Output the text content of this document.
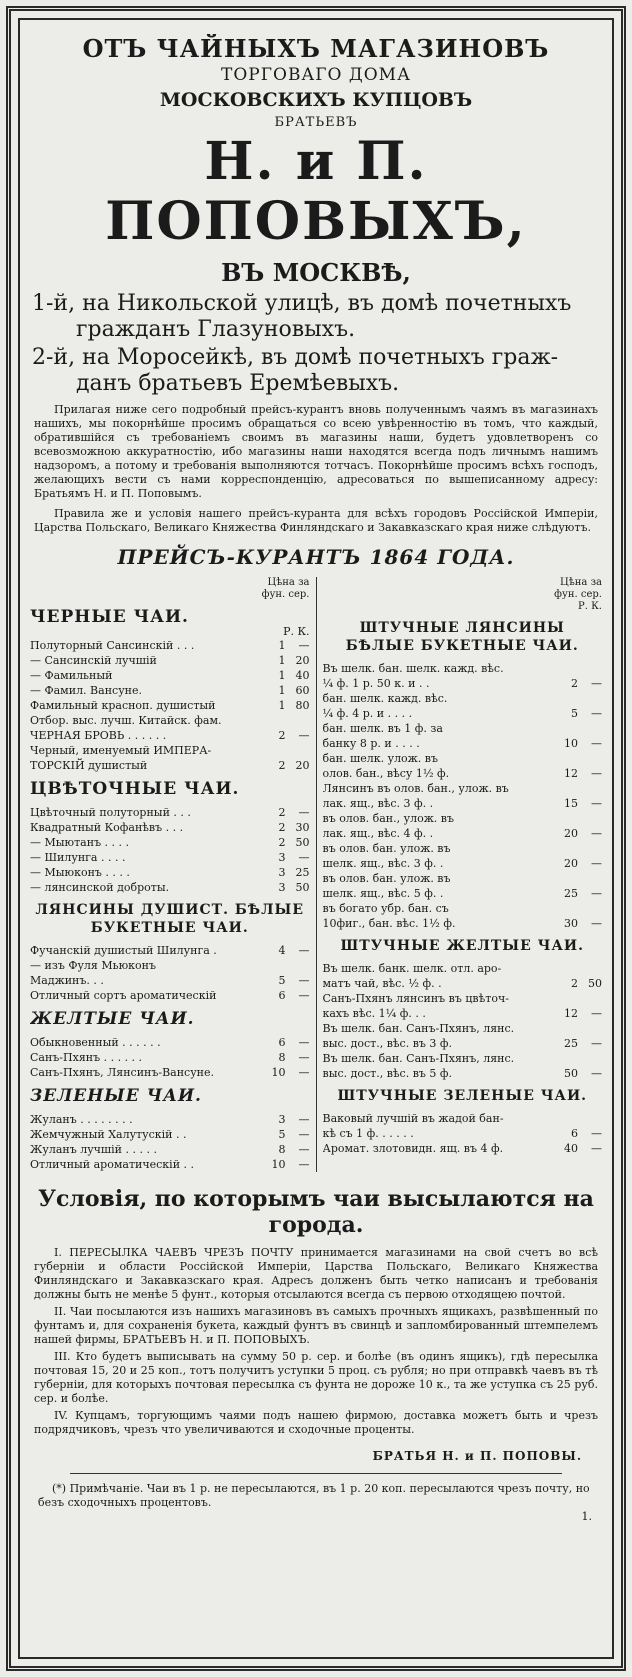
ОТЪ ЧАЙНЫХЪ МАГАЗИНОВЪ
ТОРГОВАГО ДОМА
МОСКОВСКИХЪ КУПЦОВЪ
БРАТЬЕВЪ
Н. и П. ПОПОВЫХЪ,
ВЪ МОСКВѢ,
1-й, на Никольской улицѣ, въ домѣ почетныхъ
гражданъ Глазуновыхъ.
2-й, на Моросейкѣ, въ домѣ почетныхъ граж-
данъ братьевъ Еремѣевыхъ.
Прилагая ниже сего подробный прейсъ-курантъ вновь полученнымъ чаямъ въ магазинахъ нашихъ, мы покорнѣйше просимъ обращаться со всею увѣренностію въ томъ, что каждый, обратившійся съ требованіемъ своимъ въ магазины наши, будетъ удовлетворенъ со всевозможною аккуратностію, ибо магазины наши находятся всегда подъ личнымъ нашимъ надзоромъ, а потому и требованія выполняются тотчасъ. Покорнѣйше просимъ всѣхъ господъ, желающихъ вести съ нами корреспонденцію, адресоваться по вышеписанному адресу: Братьямъ Н. и П. Поповымъ.
Правила же и условія нашего прейсъ-куранта для всѣхъ городовъ Россійской Имперіи, Царства Польскаго, Великаго Княжества Финляндскаго и Закавказскаго края ниже слѣдуютъ.
ПРЕЙСЪ-КУРАНТЪ 1864 ГОДА.
Цѣна за
фун. сер.
ЧЕРНЫЕ ЧАИ.
Р. К.
Полуторный Сансинскій . . .	1	—
— Сансинскій лучшій	1 20
— Фамильный	1 40
— Фамил. Вансуне.	1 60
Фамильный красноп. душистый	1 80
Отбор. выс. лучш. Китайск. фам.
ЧЕРНАЯ БРОВЬ . . . . . .	2	—
Черный, именуемый ИМПЕРА-
ТОРСКІЙ душистый	2 20
ЦВѢТОЧНЫЕ ЧАИ.
Цвѣточный полуторный . . .	2	—
Квадратный Кофанѣвъ . . .	2 30
— Мыютанъ . . . .	2 50
— Шилунга . . . .	3	—
— Мыюконъ . . . .	3 25
— лянсинской доброты.	3 50
ЛЯНСИНЫ ДУШИСТ. БѢЛЫЕ БУКЕТНЫЕ ЧАИ.
Фучанскій душистый Шилунга .	4	—
— изъ Фуля Мьюконъ
Маджинъ. . .	5	—
Отличный сортъ ароматическій	6	—
ЖЕЛТЫЕ ЧАИ.
Обыкновенный . . . . . .	6	—
Санъ-Пхянъ . . . . . .	8	—
Санъ-Пхянъ, Лянсинъ-Вансуне.	10	—
ЗЕЛЕНЫЕ ЧАИ.
Жуланъ . . . . . . . .	3	—
Жемчужный Халутускій . .	5	—
Жуланъ лучшій . . . . .	8	—
Отличный ароматическій . .	10	—
Цѣна за
фун. сер.
Р. К.
ШТУЧНЫЕ ЛЯНСИНЫ БѢЛЫЕ БУКЕТНЫЕ ЧАИ.
Въ шелк. бан. шелк. кажд. вѣс.
¼ ф. 1 р. 50 к. и . .	2	—
бан. шелк. кажд. вѣс.
¼ ф. 4 р. и . . . .	5	—
бан. шелк. въ 1 ф. за
банку 8 р. и . . . .	10	—
бан. шелк. улож. въ
олов. бан., вѣсу 1½ ф.	12	—
Лянсинъ въ олов. бан., улож. въ
лак. ящ., вѣс. 3 ф. .	15	—
въ олов. бан., улож. въ
лак. ящ., вѣс. 4 ф. .	20	—
въ олов. бан. улож. въ
шелк. ящ., вѣс. 3 ф. .	20	—
въ олов. бан. улож. въ
шелк. ящ., вѣс. 5 ф. .	25	—
въ богато убр. бан. съ
10фиг., бан. вѣс. 1½ ф.	30	—
ШТУЧНЫЕ ЖЕЛТЫЕ ЧАИ.
Въ шелк. банк. шелк. отл. аро-
матъ чай, вѣс. ½ ф. .	2 50
Санъ-Пхянъ лянсинъ въ цвѣточ-
кахъ вѣс. 1¼ ф. . .	12	—
Въ шелк. бан. Санъ-Пхянъ, лянс.
выс. дост., вѣс. въ 3 ф.	25	—
Въ шелк. бан. Санъ-Пхянъ, лянс.
выс. дост., вѣс. въ 5 ф.	50	—
ШТУЧНЫЕ ЗЕЛЕНЫЕ ЧАИ.
Ваковый лучшій въ жадой бан-
кѣ съ 1 ф. . . . . .	6	—
Аромат. злотовидн. ящ. въ 4 ф.	40	—
Условія, по которымъ чаи высылаются на города.
I. ПЕРЕСЫЛКА ЧАЕВЪ ЧРЕЗЪ ПОЧТУ принимается магазинами на свой счетъ во всѣ губерніи и области Россійской Имперіи, Царства Польскаго, Великаго Княжества Финляндскаго и Закавказскаго края. Адресъ долженъ быть четко написанъ и требованія должны быть не менѣе 5 фунт., которыя отсылаются всегда съ первою отходящею почтой.
II. Чаи посылаются изъ нашихъ магазиновъ въ самыхъ прочныхъ ящикахъ, развѣшенный по фунтамъ и, для сохраненія букета, каждый фунтъ въ свинцѣ и запломбированный штемпелемъ нашей фирмы, БРАТЬЕВЪ Н. и П. ПОПОВЫХЪ.
III. Кто будетъ выписывать на сумму 50 р. сер. и болѣе (въ одинъ ящикъ), гдѣ пересылка почтовая 15, 20 и 25 коп., тотъ получитъ уступки 5 проц. съ рубля; но при отправкѣ чаевъ въ тѣ губерніи, для которыхъ почтовая пересылка съ фунта не дороже 10 к., та же уступка съ 25 руб. сер. и болѣе.
IV. Купцамъ, торгующимъ чаями подъ нашею фирмою, доставка можетъ быть и чрезъ подрядчиковъ, чрезъ что увеличиваются и сходочные проценты.
БРАТЬЯ Н. и П. ПОПОВЫ.
(*) Примѣчаніе. Чаи въ 1 р. не пересылаются, въ 1 р. 20 коп. пересылаются чрезъ почту, но безъ сходочныхъ процентовъ.
1.
